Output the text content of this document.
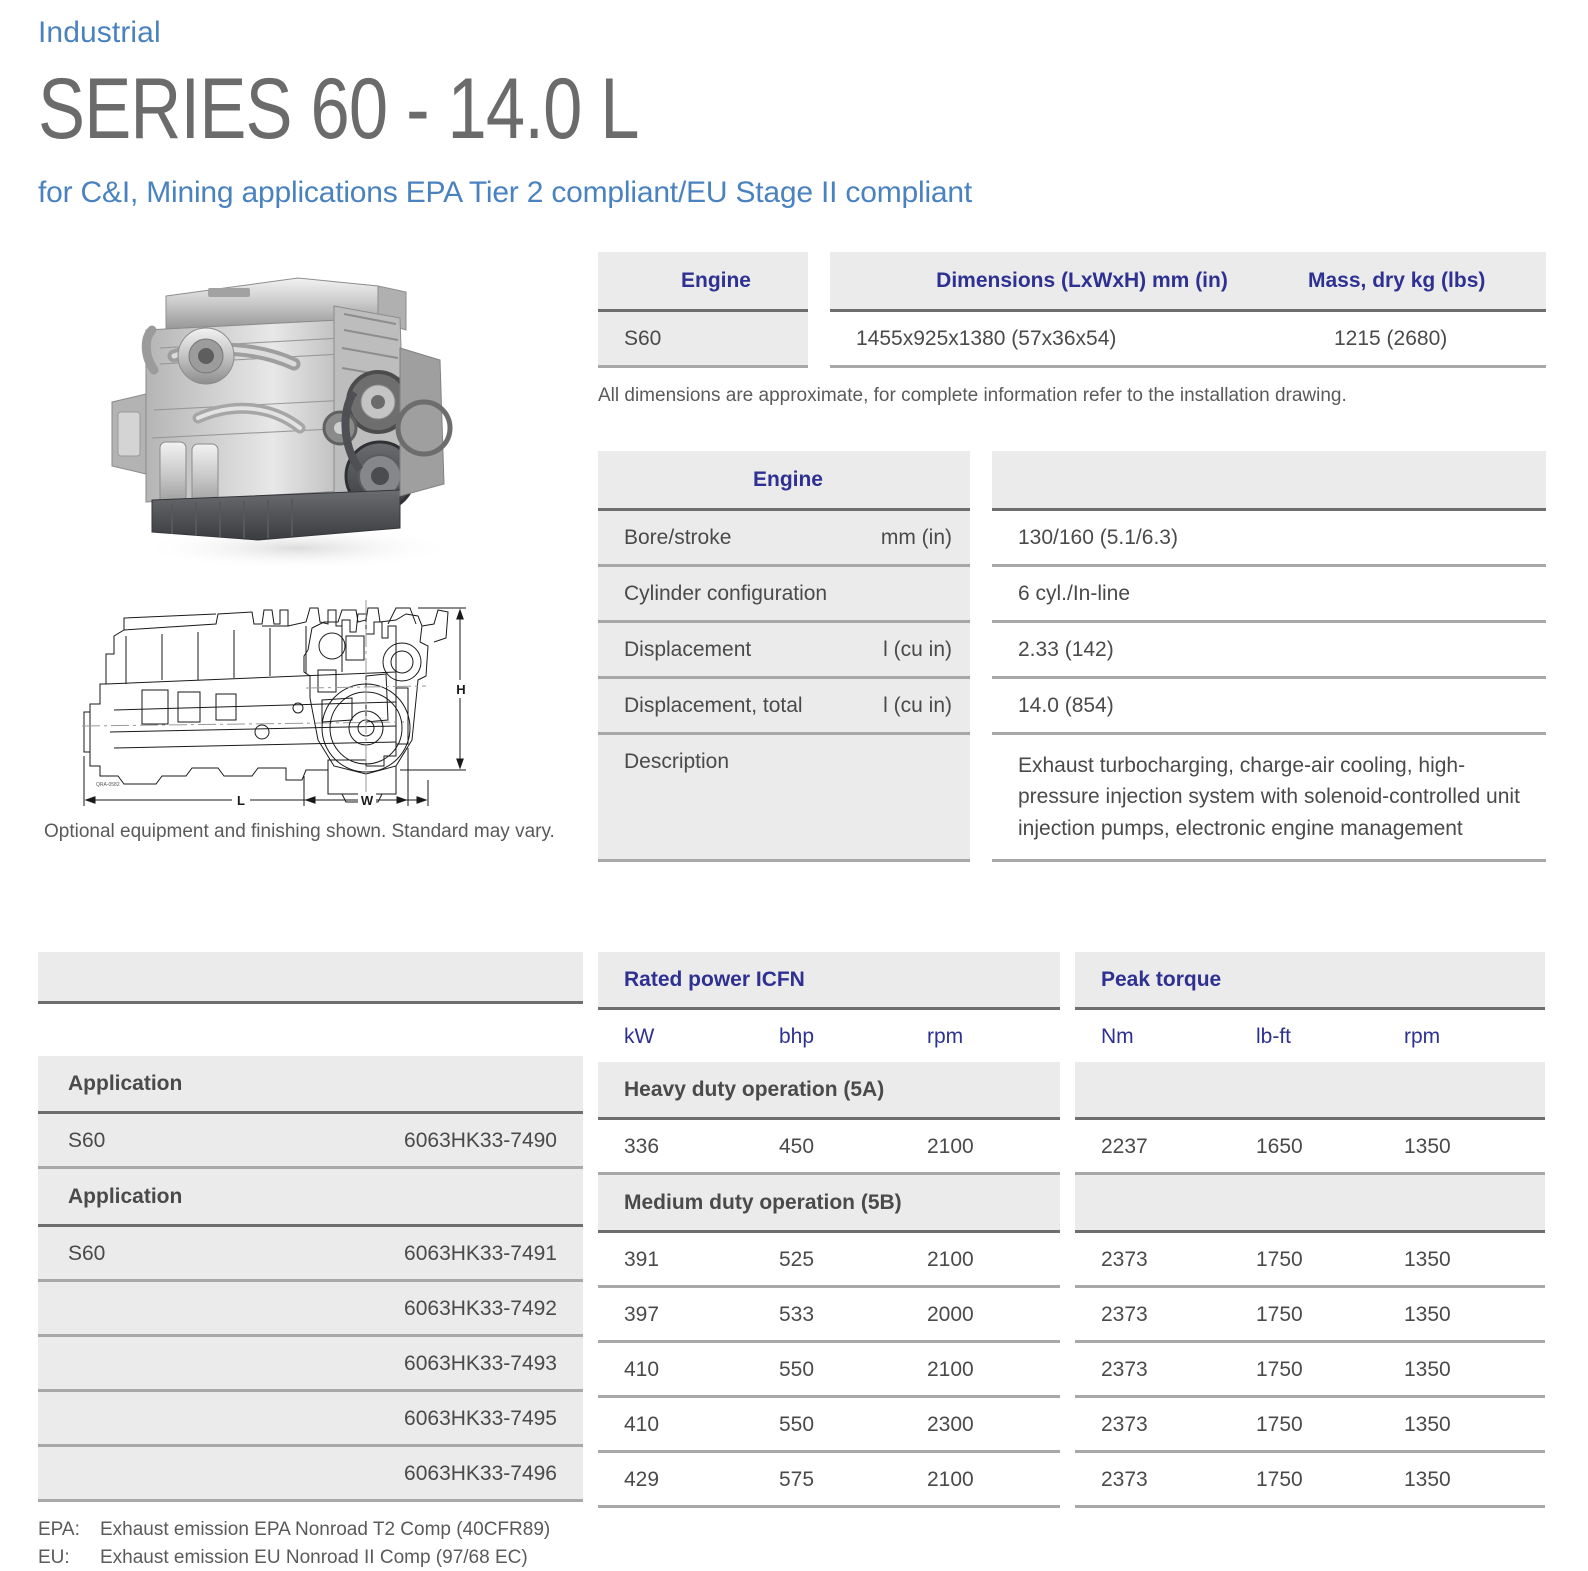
Industrial
SERIES 60 - 14.0 L
for C&I, Mining applications EPA Tier 2 compliant/EU Stage II compliant
QRA-0582
L	W
H
Optional equipment and finishing shown. Standard may vary.
Engine		Dimensions (LxWxH) mm (in)	Mass, dry kg (lbs)
S60		1455x925x1380 (57x36x54)	1215 (2680)
All dimensions are approximate, for complete information refer to the installation drawing.
Engine		

Bore/stroke mm (in)		130/160 (5.1/6.3)

Cylinder configuration		6 cyl./In-line

Displacement l (cu in)		2.33 (142)

Displacement, total l (cu in)		14.0 (854)

Description		Exhaust turbocharging, charge-air cooling, high-pressure injection system with solenoid-controlled unit injection pumps, electronic engine management
Application
S60	6063HK33-7490
Application
S60	6063HK33-7491
6063HK33-7492
6063HK33-7493
6063HK33-7495
6063HK33-7496
Rated power ICFN
kW	bhp	rpm
Heavy duty operation (5A)
336	450	2100
Medium duty operation (5B)
391	525	2100
397	533	2000
410	550	2100
410	550	2300
429	575	2100
Peak torque
Nm	lb-ft	rpm

2237	1650	1350

2373	1750	1350
2373	1750	1350
2373	1750	1350
2373	1750	1350
2373	1750	1350
EPA:	Exhaust emission EPA Nonroad T2 Comp (40CFR89)
EU:	Exhaust emission EU Nonroad II Comp (97/68 EC)
